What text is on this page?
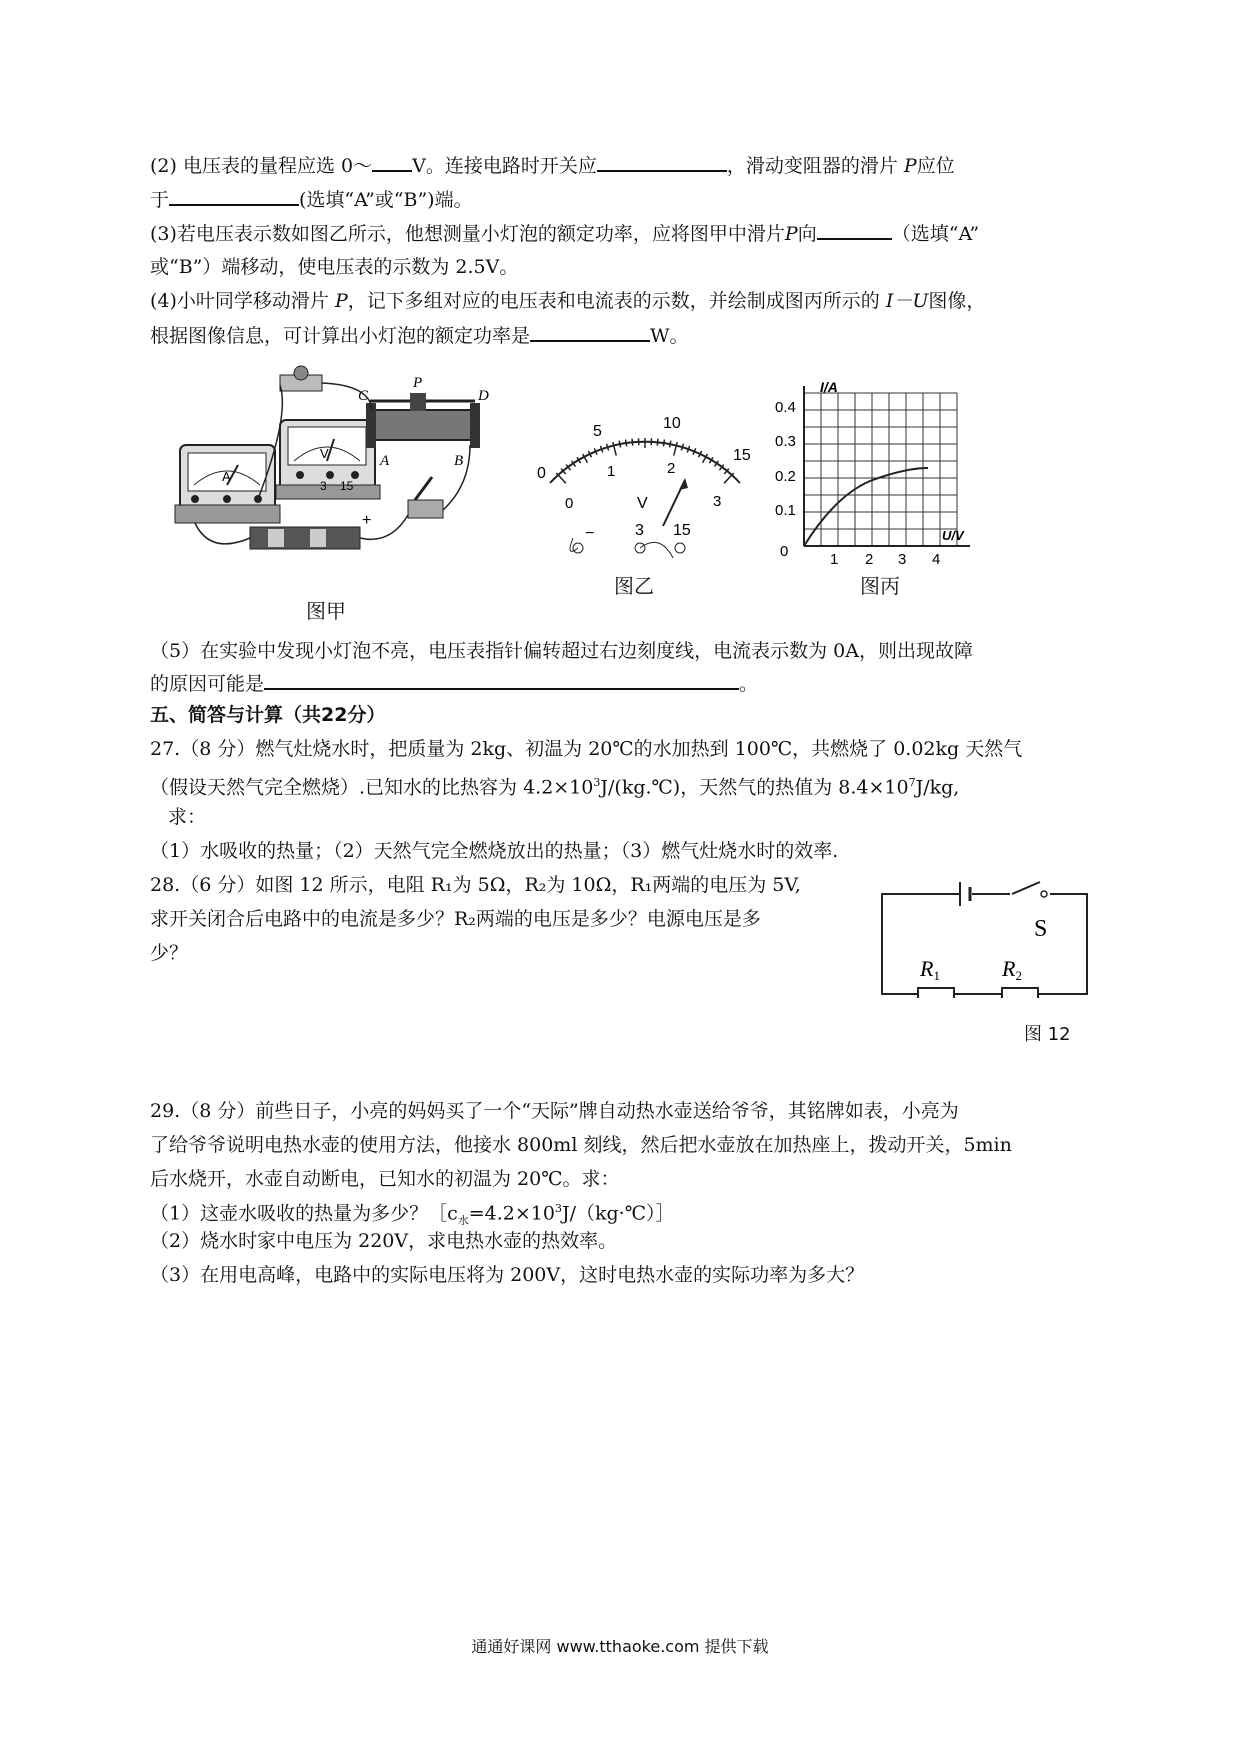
(2) 电压表的量程应选 0～ V。连接电路时开关应	，滑动变阻器的滑片 P应位
于	(选填“A”或“B”)端。
(3)若电压表示数如图乙所示，他想测量小灯泡的额定功率，应将图甲中滑片P向	（选填“A”
或“B”）端移动，使电压表的示数为 2.5V。
(4)小叶同学移动滑片 P，记下多组对应的电压表和电流表的示数，并绘制成图丙所示的 I－U图像，
根据图像信息，可计算出小灯泡的额定功率是	W。
A
V
3 15
C
P
D
A	B
+
图甲
0
5	10
15
0
1	2
3
V
−	3 15
图乙
I/A
U/V
0.4
0.3
0.2
0.1
0	1 2 3 4
图丙
（5）在实验中发现小灯泡不亮，电压表指针偏转超过右边刻度线，电流表示数为 0A，则出现故障
的原因可能是	。
五、简答与计算（共22分）
27.（8 分）燃气灶烧水时，把质量为 2kg、初温为 20℃的水加热到 100℃，共燃烧了 0.02kg 天然气
（假设天然气完全燃烧）.已知水的比热容为 $4.2\times 10^3J/(kg.℃)$，天然气的热值为 $8.4\times 10^7J/kg$,
求：
（1）水吸收的热量；（2）天然气完全燃烧放出的热量；（3）燃气灶烧水时的效率.
28.（6 分）如图 12 所示，电阻 R₁为 5Ω，R₂为 10Ω，R₁两端的电压为 5V,
求开关闭合后电路中的电流是多少？R₂两端的电压是多少？电源电压是多
少？
S
R1	R2
图 12
29.（8 分）前些日子，小亮的妈妈买了一个“天际”牌自动热水壶送给爷爷，其铭牌如表，小亮为
了给爷爷说明电热水壶的使用方法，他接水 800ml 刻线，然后把水壶放在加热座上，拨动开关，5min
后水烧开，水壶自动断电，已知水的初温为 20℃。求：
（1）这壶水吸收的热量为多少？$[c_水=4.2\times 10^3J/(kg\cdot℃)]$
（2）烧水时家中电压为 220V，求电热水壶的热效率。
（3）在用电高峰，电路中的实际电压将为 200V，这时电热水壶的实际功率为多大？
通通好课网 www.tthaoke.com 提供下载
